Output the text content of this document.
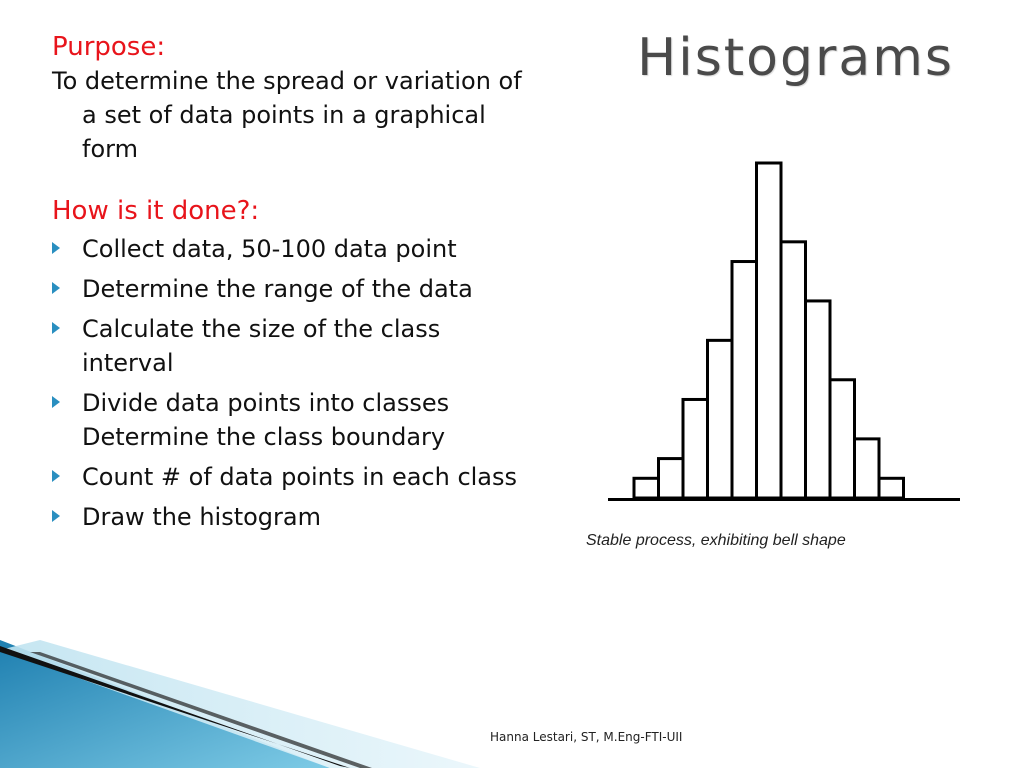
Histograms

Purpose:

To determine the spread or variation of a set of data points in a graphical form

How is it done?:

Collect data, 50-100 data point
Determine the range of the data
Calculate the size of the class interval
Divide data points into classes Determine the class boundary
Count # of data points in each class
Draw the histogram
Stable process, exhibiting bell shape
Hanna Lestari, ST, M.Eng-FTI-UII
